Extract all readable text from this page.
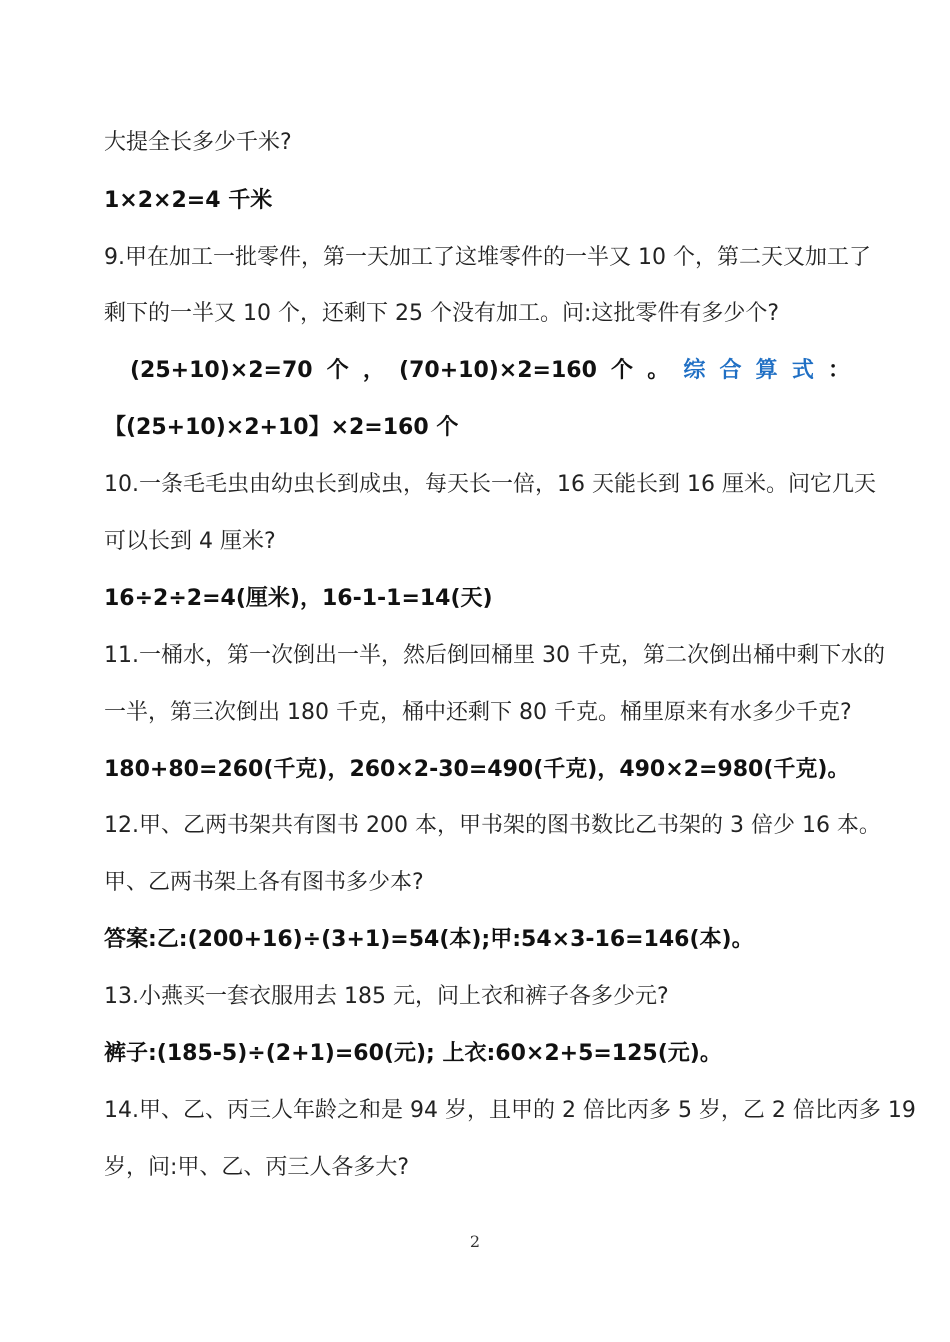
大提全长多少千米?
1×2×2=4 千米
9.甲在加工一批零件，第一天加工了这堆零件的一半又 10 个，第二天又加工了
剩下的一半又 10 个，还剩下 25 个没有加工。问:这批零件有多少个?
(25+10)×2=70 个 ， (70+10)×2=160 个 。 综 合 算 式 ：
【(25+10)×2+10】×2=160 个
10.一条毛毛虫由幼虫长到成虫，每天长一倍，16 天能长到 16 厘米。问它几天
可以长到 4 厘米?
16÷2÷2=4(厘米)，16-1-1=14(天)
11.一桶水，第一次倒出一半，然后倒回桶里 30 千克，第二次倒出桶中剩下水的
一半，第三次倒出 180 千克，桶中还剩下 80 千克。桶里原来有水多少千克?
180+80=260(千克)，260×2-30=490(千克)，490×2=980(千克)。
12.甲、乙两书架共有图书 200 本，甲书架的图书数比乙书架的 3 倍少 16 本。
甲、乙两书架上各有图书多少本?
答案:乙:(200+16)÷(3+1)=54(本);甲:54×3-16=146(本)。
13.小燕买一套衣服用去 185 元，问上衣和裤子各多少元?
裤子:(185-5)÷(2+1)=60(元); 上衣:60×2+5=125(元)。
14.甲、乙、丙三人年龄之和是 94 岁，且甲的 2 倍比丙多 5 岁，乙 2 倍比丙多 19
岁，问:甲、乙、丙三人各多大?
2
